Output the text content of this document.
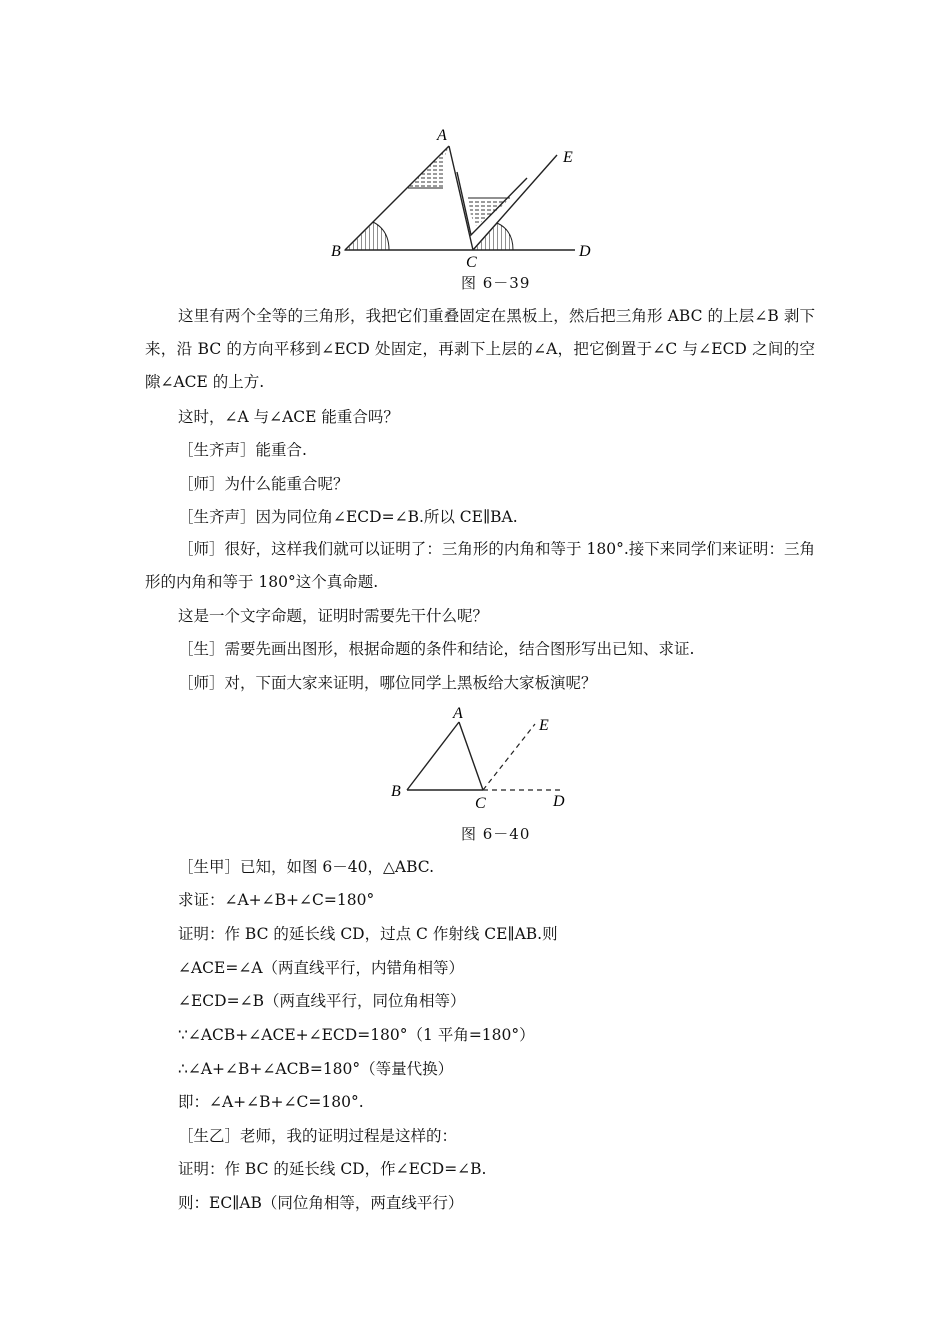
A
B
C
D
E
图 6－39
这里有两个全等的三角形，我把它们重叠固定在黑板上，然后把三角形 ABC 的上层∠B 剥下来，沿 BC 的方向平移到∠ECD 处固定，再剥下上层的∠A，把它倒置于∠C 与∠ECD 之间的空隙∠ACE 的上方.
这时，∠A 与∠ACE 能重合吗？
［生齐声］能重合.
［师］为什么能重合呢？
［生齐声］因为同位角∠ECD=∠B.所以 CE∥BA.
［师］很好，这样我们就可以证明了：三角形的内角和等于 180°.接下来同学们来证明：三角形的内角和等于 180°这个真命题.
这是一个文字命题，证明时需要先干什么呢？
［生］需要先画出图形，根据命题的条件和结论，结合图形写出已知、求证.
［师］对，下面大家来证明，哪位同学上黑板给大家板演呢？
A
B
C	D
E
图 6－40
［生甲］已知，如图 6－40，△ABC.
求证：∠A+∠B+∠C=180°
证明：作 BC 的延长线 CD，过点 C 作射线 CE∥AB.则
∠ACE=∠A（两直线平行，内错角相等）
∠ECD=∠B（两直线平行，同位角相等）
∵∠ACB+∠ACE+∠ECD=180°（1 平角=180°）
∴∠A+∠B+∠ACB=180°（等量代换）
即：∠A+∠B+∠C=180°.
［生乙］老师，我的证明过程是这样的：
证明：作 BC 的延长线 CD，作∠ECD=∠B.
则：EC∥AB（同位角相等，两直线平行）
